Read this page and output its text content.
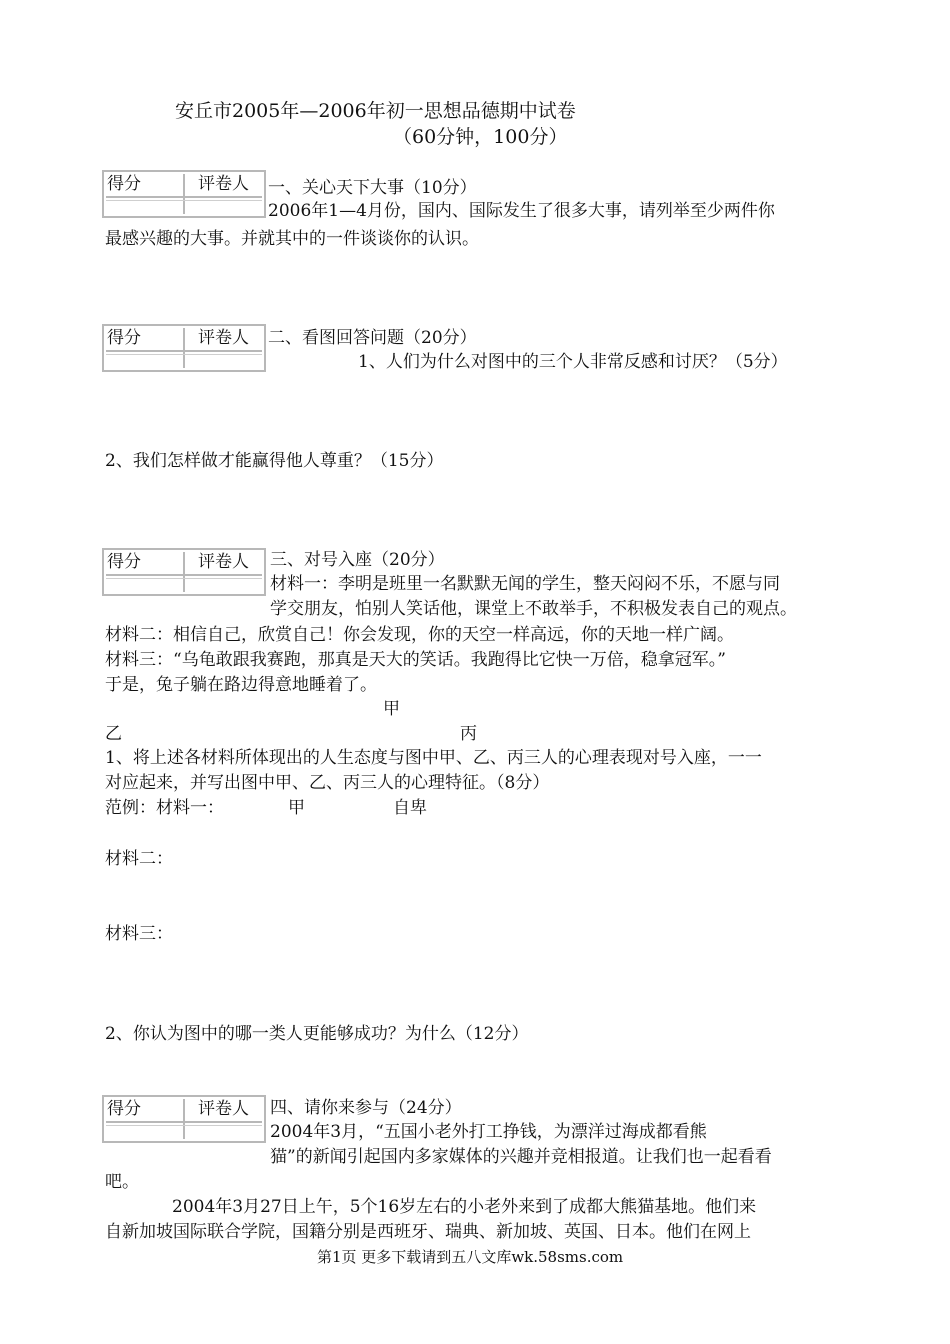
安丘市2005年—2006年初一思想品德期中试卷
（60分钟，100分）
得分	评卷人 一、关心天下大事（10分）
2006年1—4月份，国内、国际发生了很多大事，请列举至少两件你
最感兴趣的大事。并就其中的一件谈谈你的认识。
得分	评卷人 二、看图回答问题（20分）
1、人们为什么对图中的三个人非常反感和讨厌？（5分）
2、我们怎样做才能赢得他人尊重？（15分）
得分	评卷人 三、对号入座（20分）
材料一：李明是班里一名默默无闻的学生，整天闷闷不乐，不愿与同
学交朋友，怕别人笑话他，课堂上不敢举手，不积极发表自己的观点。
材料二：相信自己，欣赏自己！你会发现，你的天空一样高远，你的天地一样广阔。
材料三：“乌龟敢跟我赛跑，那真是天大的笑话。我跑得比它快一万倍，稳拿冠军。”
于是，兔子躺在路边得意地睡着了。
甲
乙	丙
1、将上述各材料所体现出的人生态度与图中甲、乙、丙三人的心理表现对号入座，一一
对应起来，并写出图中甲、乙、丙三人的心理特征。（8分）
范例：材料一：	甲	自卑
材料二：
材料三：
2、你认为图中的哪一类人更能够成功？为什么（12分）
得分	评卷人 四、请你来参与（24分）
2004年3月，“五国小老外打工挣钱，为漂洋过海成都看熊
猫”的新闻引起国内多家媒体的兴趣并竞相报道。让我们也一起看看
吧。
2004年3月27日上午，5个16岁左右的小老外来到了成都大熊猫基地。他们来
自新加坡国际联合学院，国籍分别是西班牙、瑞典、新加坡、英国、日本。他们在网上
第1页 更多下载请到五八文库wk.58sms.com
